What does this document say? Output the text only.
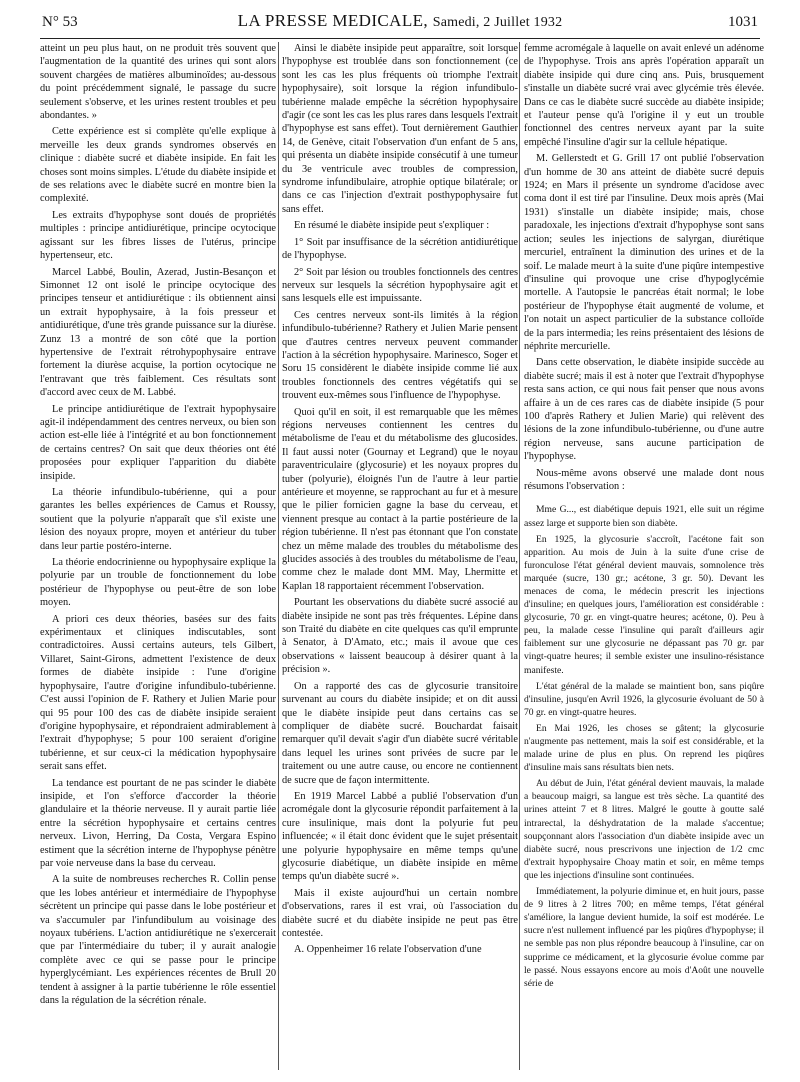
N° 53	LA PRESSE MEDICALE, Samedi, 2 Juillet 1932	1031

atteint un peu plus haut, on ne produit très souvent que l'augmentation de la quantité des urines qui sont alors souvent chargées de matières albuminoïdes; au-dessous du point précédemment signalé, le passage du sucre seulement s'observe, et les urines restent troubles et peu abondantes. »

Cette expérience est si complète qu'elle explique à merveille les deux grands syndromes observés en clinique : diabète sucré et diabète insipide. En fait les choses sont moins simples. L'étude du diabète insipide et de ses relations avec le diabète sucré en montre bien la complexité.

Les extraits d'hypophyse sont doués de propriétés multiples : principe antidiurétique, principe ocytocique agissant sur les fibres lisses de l'utérus, principe hypertenseur, etc.

Marcel Labbé, Boulin, Azerad, Justin-Besançon et Simonnet 12 ont isolé le principe ocytocique des principes tenseur et antidiurétique : ils obtiennent ainsi un extrait hypophysaire, à la fois presseur et antidiurétique, d'une très grande puissance sur la diurèse. Zunz 13 a montré de son côté que la portion hypertensive de l'extrait rétrohypophysaire entrave fortement la diurèse acquise, la portion ocytocique ne l'entravant que très faiblement. Ces résultats sont d'accord avec ceux de M. Labbé.

Le principe antidiurétique de l'extrait hypophysaire agit-il indépendamment des centres nerveux, ou bien son action est-elle liée à l'intégrité et au bon fonctionnement de certains centres? On sait que deux théories ont été proposées pour expliquer l'apparition du diabète insipide.

La théorie infundibulo-tubérienne, qui a pour garantes les belles expériences de Camus et Roussy, soutient que la polyurie n'apparaît que s'il existe une lésion des noyaux propre, moyen et antérieur du tuber dans leur partie postéro-interne.

La théorie endocrinienne ou hypophysaire explique la polyurie par un trouble de fonctionnement du lobe postérieur de l'hypophyse ou peut-être de son lobe moyen.

A priori ces deux théories, basées sur des faits expérimentaux et cliniques indiscutables, sont contradictoires. Aussi certains auteurs, tels Gilbert, Villaret, Saint-Girons, admettent l'existence de deux formes de diabète insipide : l'une d'origine hypophysaire, l'autre d'origine infundibulo-tubérienne. C'est aussi l'opinion de F. Rathery et Julien Marie pour qui 95 pour 100 des cas de diabète insipide seraient d'origine hypophysaire, et répondraient admirablement à l'extrait d'hypophyse; 5 pour 100 seraient d'origine tubérienne, et sur ceux-ci la médication hypophysaire serait sans effet.

La tendance est pourtant de ne pas scinder le diabète insipide, et l'on s'efforce d'accorder la théorie glandulaire et la théorie nerveuse. Il y aurait partie liée entre la sécrétion hypophysaire et certains centres nerveux. Livon, Herring, Da Costa, Vergara Espino estiment que la sécrétion interne de l'hypophyse pénètre par voie nerveuse dans la base du cerveau.

A la suite de nombreuses recherches R. Collin pense que les lobes antérieur et intermédiaire de l'hypophyse sécrètent un principe qui passe dans le lobe postérieur et va s'accumuler par l'infundibulum au voisinage des noyaux tubériens. L'action antidiurétique ne s'exercerait que par l'intermédiaire du tuber; il y aurait analogie complète avec ce qui se passe pour le principe hyperglycémiant. Les expériences récentes de Brull 20 tendent à assigner à la partie tubérienne le rôle essentiel dans la régulation de la sécrétion rénale.

Ainsi le diabète insipide peut apparaître, soit lorsque l'hypophyse est troublée dans son fonctionnement (ce sont les cas les plus fréquents où triomphe l'extrait hypophysaire), soit lorsque la région infundibulo-tubérienne malade empêche la sécrétion hypophysaire d'agir (ce sont les cas les plus rares dans lesquels l'extrait d'hypophyse est sans effet). Tout dernièrement Gauthier 14, de Genève, citait l'observation d'un enfant de 5 ans, qui présenta un diabète insipide consécutif à une tumeur du 3e ventricule avec troubles de compression, syndrome infundibulaire, atrophie optique bilatérale; or dans ce cas l'injection d'extrait posthypophysaire fut sans effet.

En résumé le diabète insipide peut s'expliquer :

1° Soit par insuffisance de la sécrétion antidiurétique de l'hypophyse.

2° Soit par lésion ou troubles fonctionnels des centres nerveux sur lesquels la sécrétion hypophysaire agit et sans lesquels elle est impuissante.

Ces centres nerveux sont-ils limités à la région infundibulo-tubérienne? Rathery et Julien Marie pensent que d'autres centres nerveux peuvent commander l'action à la sécrétion hypophysaire. Marinesco, Soger et Soru 15 considèrent le diabète insipide comme lié aux troubles fonctionnels des centres végétatifs qui se trouvent eux-mêmes sous l'influence de l'hypophyse.

Quoi qu'il en soit, il est remarquable que les mêmes régions nerveuses contiennent les centres du métabolisme de l'eau et du métabolisme des glucosides. Il faut aussi noter (Gournay et Legrand) que le noyau paraventriculaire (glycosurie) et les noyaux propres du tuber (polyurie), éloignés l'un de l'autre à leur partie antérieure et moyenne, se rapprochant au fur et à mesure que le pilier fornicien gagne la base du cerveau, et viennent presque au contact à la partie postérieure de la région tubérienne. Il n'est pas étonnant que l'on constate chez un même malade des troubles du métabolisme des glucides associés à des troubles du métabolisme de l'eau, comme chez le malade dont MM. May, Lhermitte et Kaplan 18 rapportaient récemment l'observation.

Pourtant les observations du diabète sucré associé au diabète insipide ne sont pas très fréquentes. Lépine dans son Traité du diabète en cite quelques cas qu'il emprunte à Senator, à D'Amato, etc.; mais il avoue que ces observations « laissent beaucoup à désirer quant à la précision ».

On a rapporté des cas de glycosurie transitoire survenant au cours du diabète insipide; et on dit aussi que le diabète insipide peut dans certains cas se compliquer de diabète sucré. Bouchardat faisait remarquer qu'il devait s'agir d'un diabète sucré véritable dans lequel les urines sont privées de sucre par le traitement ou une autre cause, ou encore ne contiennent de sucre que de façon intermittente.

En 1919 Marcel Labbé a publié l'observation d'un acromégale dont la glycosurie répondit parfaitement à la cure insulinique, mais dont la polyurie fut peu influencée; « il était donc évident que le sujet présentait une polyurie hypophysaire en même temps qu'une glycosurie diabétique, un diabète insipide en même temps qu'un diabète sucré ».

Mais il existe aujourd'hui un certain nombre d'observations, rares il est vrai, où l'association du diabète sucré et du diabète insipide ne peut pas être contestée.

A. Oppenheimer 16 relate l'observation d'une

femme acromégale à laquelle on avait enlevé un adénome de l'hypophyse. Trois ans après l'opération apparaît un diabète insipide qui dure cinq ans. Puis, brusquement s'installe un diabète sucré vrai avec glycémie très élevée. Dans ce cas le diabète sucré succède au diabète insipide; et l'auteur pense qu'à l'origine il y eut un trouble fonctionnel des centres nerveux ayant par la suite empêché l'insuline d'agir sur la cellule hépatique.

M. Gellerstedt et G. Grill 17 ont publié l'observation d'un homme de 30 ans atteint de diabète sucré depuis 1924; en Mars il présente un syndrome d'acidose avec coma dont il est tiré par l'insuline. Deux mois après (Mai 1931) s'installe un diabète insipide; mais, chose paradoxale, les injections d'extrait d'hypophyse sont sans action; seules les injections de salyrgan, diurétique mercuriel, entraînent la diminution des urines et de la soif. Le malade meurt à la suite d'une piqûre intempestive d'insuline qui provoque une crise d'hypoglycémie mortelle. A l'autopsie le pancréas était normal; le lobe postérieur de l'hypophyse était augmenté de volume, et l'on notait un aspect particulier de la substance colloïde de la pars intermedia; les reins présentaient des lésions de néphrite mercurielle.

Dans cette observation, le diabète insipide succède au diabète sucré; mais il est à noter que l'extrait d'hypophyse resta sans action, ce qui nous fait penser que nous avons affaire à un de ces rares cas de diabète insipide (5 pour 100 d'après Rathery et Julien Marie) qui relèvent des lésions de la zone infundibulo-tubérienne, ou d'une autre région nerveuse, sans aucune participation de l'hypophyse.

Nous-même avons observé une malade dont nous résumons l'observation :

Mme G..., est diabétique depuis 1921, elle suit un régime assez large et supporte bien son diabète.

En 1925, la glycosurie s'accroît, l'acétone fait son apparition. Au mois de Juin à la suite d'une crise de furonculose l'état général devient mauvais, somnolence très marquée (sucre, 130 gr.; acétone, 3 gr. 50). Devant les menaces de coma, le médecin prescrit les injections d'insuline; en quelques jours, l'amélioration est considérable : glycosurie, 70 gr. en vingt-quatre heures; acétone, 0). Peu à peu, la malade cesse l'insuline qui paraît d'ailleurs agir faiblement sur une glycosurie ne dépassant pas 70 gr. par vingt-quatre heures; il semble exister une insulino-résistance manifeste.

L'état général de la malade se maintient bon, sans piqûre d'insuline, jusqu'en Avril 1926, la glycosurie évoluant de 50 à 70 gr. en vingt-quatre heures.

En Mai 1926, les choses se gâtent; la glycosurie n'augmente pas nettement, mais la soif est considérable, et la malade urine de plus en plus. On reprend les piqûres d'insuline mais sans résultats bien nets.

Au début de Juin, l'état général devient mauvais, la malade a beaucoup maigri, sa langue est très sèche. La quantité des urines atteint 7 et 8 litres. Malgré le goutte à goutte salé intrarectal, la déshydratation de la malade s'accentue; soupçonnant alors l'association d'un diabète insipide avec un diabète sucré, nous prescrivons une injection de 1/2 cmc d'extrait hypophysaire Choay matin et soir, en même temps que les injections d'insuline sont continuées.

Immédiatement, la polyurie diminue et, en huit jours, passe de 9 litres à 2 litres 700; en même temps, l'état général s'améliore, la langue devient humide, la soif est modérée. Le sucre n'est nullement influencé par les piqûres d'hypophyse; il ne semble pas non plus répondre beaucoup à l'insuline, car on supprime ce médicament, et la glycosurie évolue comme par le passé. Nous essayons encore au mois d'Août une nouvelle série de
